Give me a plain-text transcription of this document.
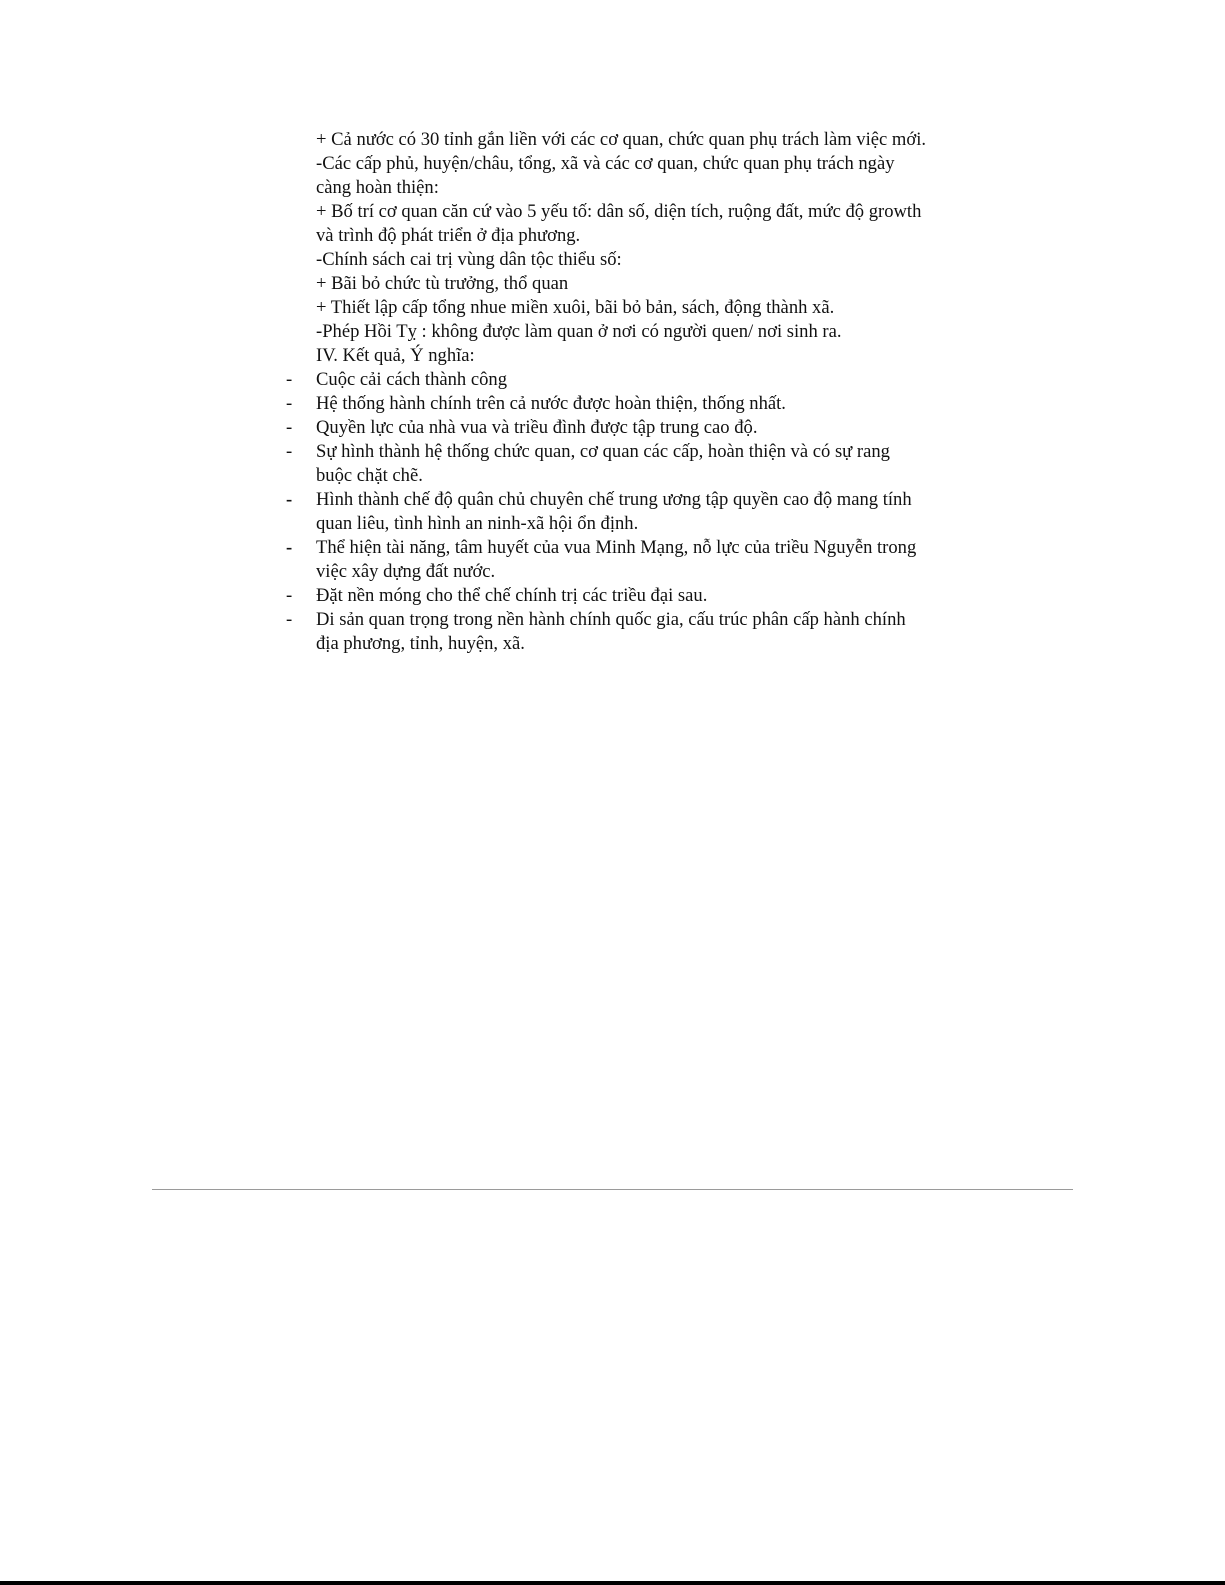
+ Cả nước có 30 tỉnh gắn liền với các cơ quan, chức quan phụ trách làm việc mới.
-Các cấp phủ, huyện/châu, tổng, xã và các cơ quan, chức quan phụ trách ngày
càng hoàn thiện:
+ Bố trí cơ quan căn cứ vào 5 yếu tố: dân số, diện tích, ruộng đất, mức độ growth
và trình độ phát triển ở địa phương.
-Chính sách cai trị vùng dân tộc thiểu số:
+ Bãi bỏ chức tù trưởng, thổ quan
+ Thiết lập cấp tổng nhue miền xuôi, bãi bỏ bản, sách, động thành xã.
-Phép Hồi Tỵ : không được làm quan ở nơi có người quen/ nơi sinh ra.
IV. Kết quả, Ý nghĩa:
-	Cuộc cải cách thành công
-	Hệ thống hành chính trên cả nước được hoàn thiện, thống nhất.
-	Quyền lực của nhà vua và triều đình được tập trung cao độ.
-	Sự hình thành hệ thống chức quan, cơ quan các cấp, hoàn thiện và có sự rang
buộc chặt chẽ.
-	Hình thành chế độ quân chủ chuyên chế trung ương tập quyền cao độ mang tính
quan liêu, tình hình an ninh-xã hội ổn định.
-	Thể hiện tài năng, tâm huyết của vua Minh Mạng, nỗ lực của triều Nguyễn trong
việc xây dựng đất nước.
-	Đặt nền móng cho thể chế chính trị các triều đại sau.
-	Di sản quan trọng trong nền hành chính quốc gia, cấu trúc phân cấp hành chính
địa phương, tỉnh, huyện, xã.
